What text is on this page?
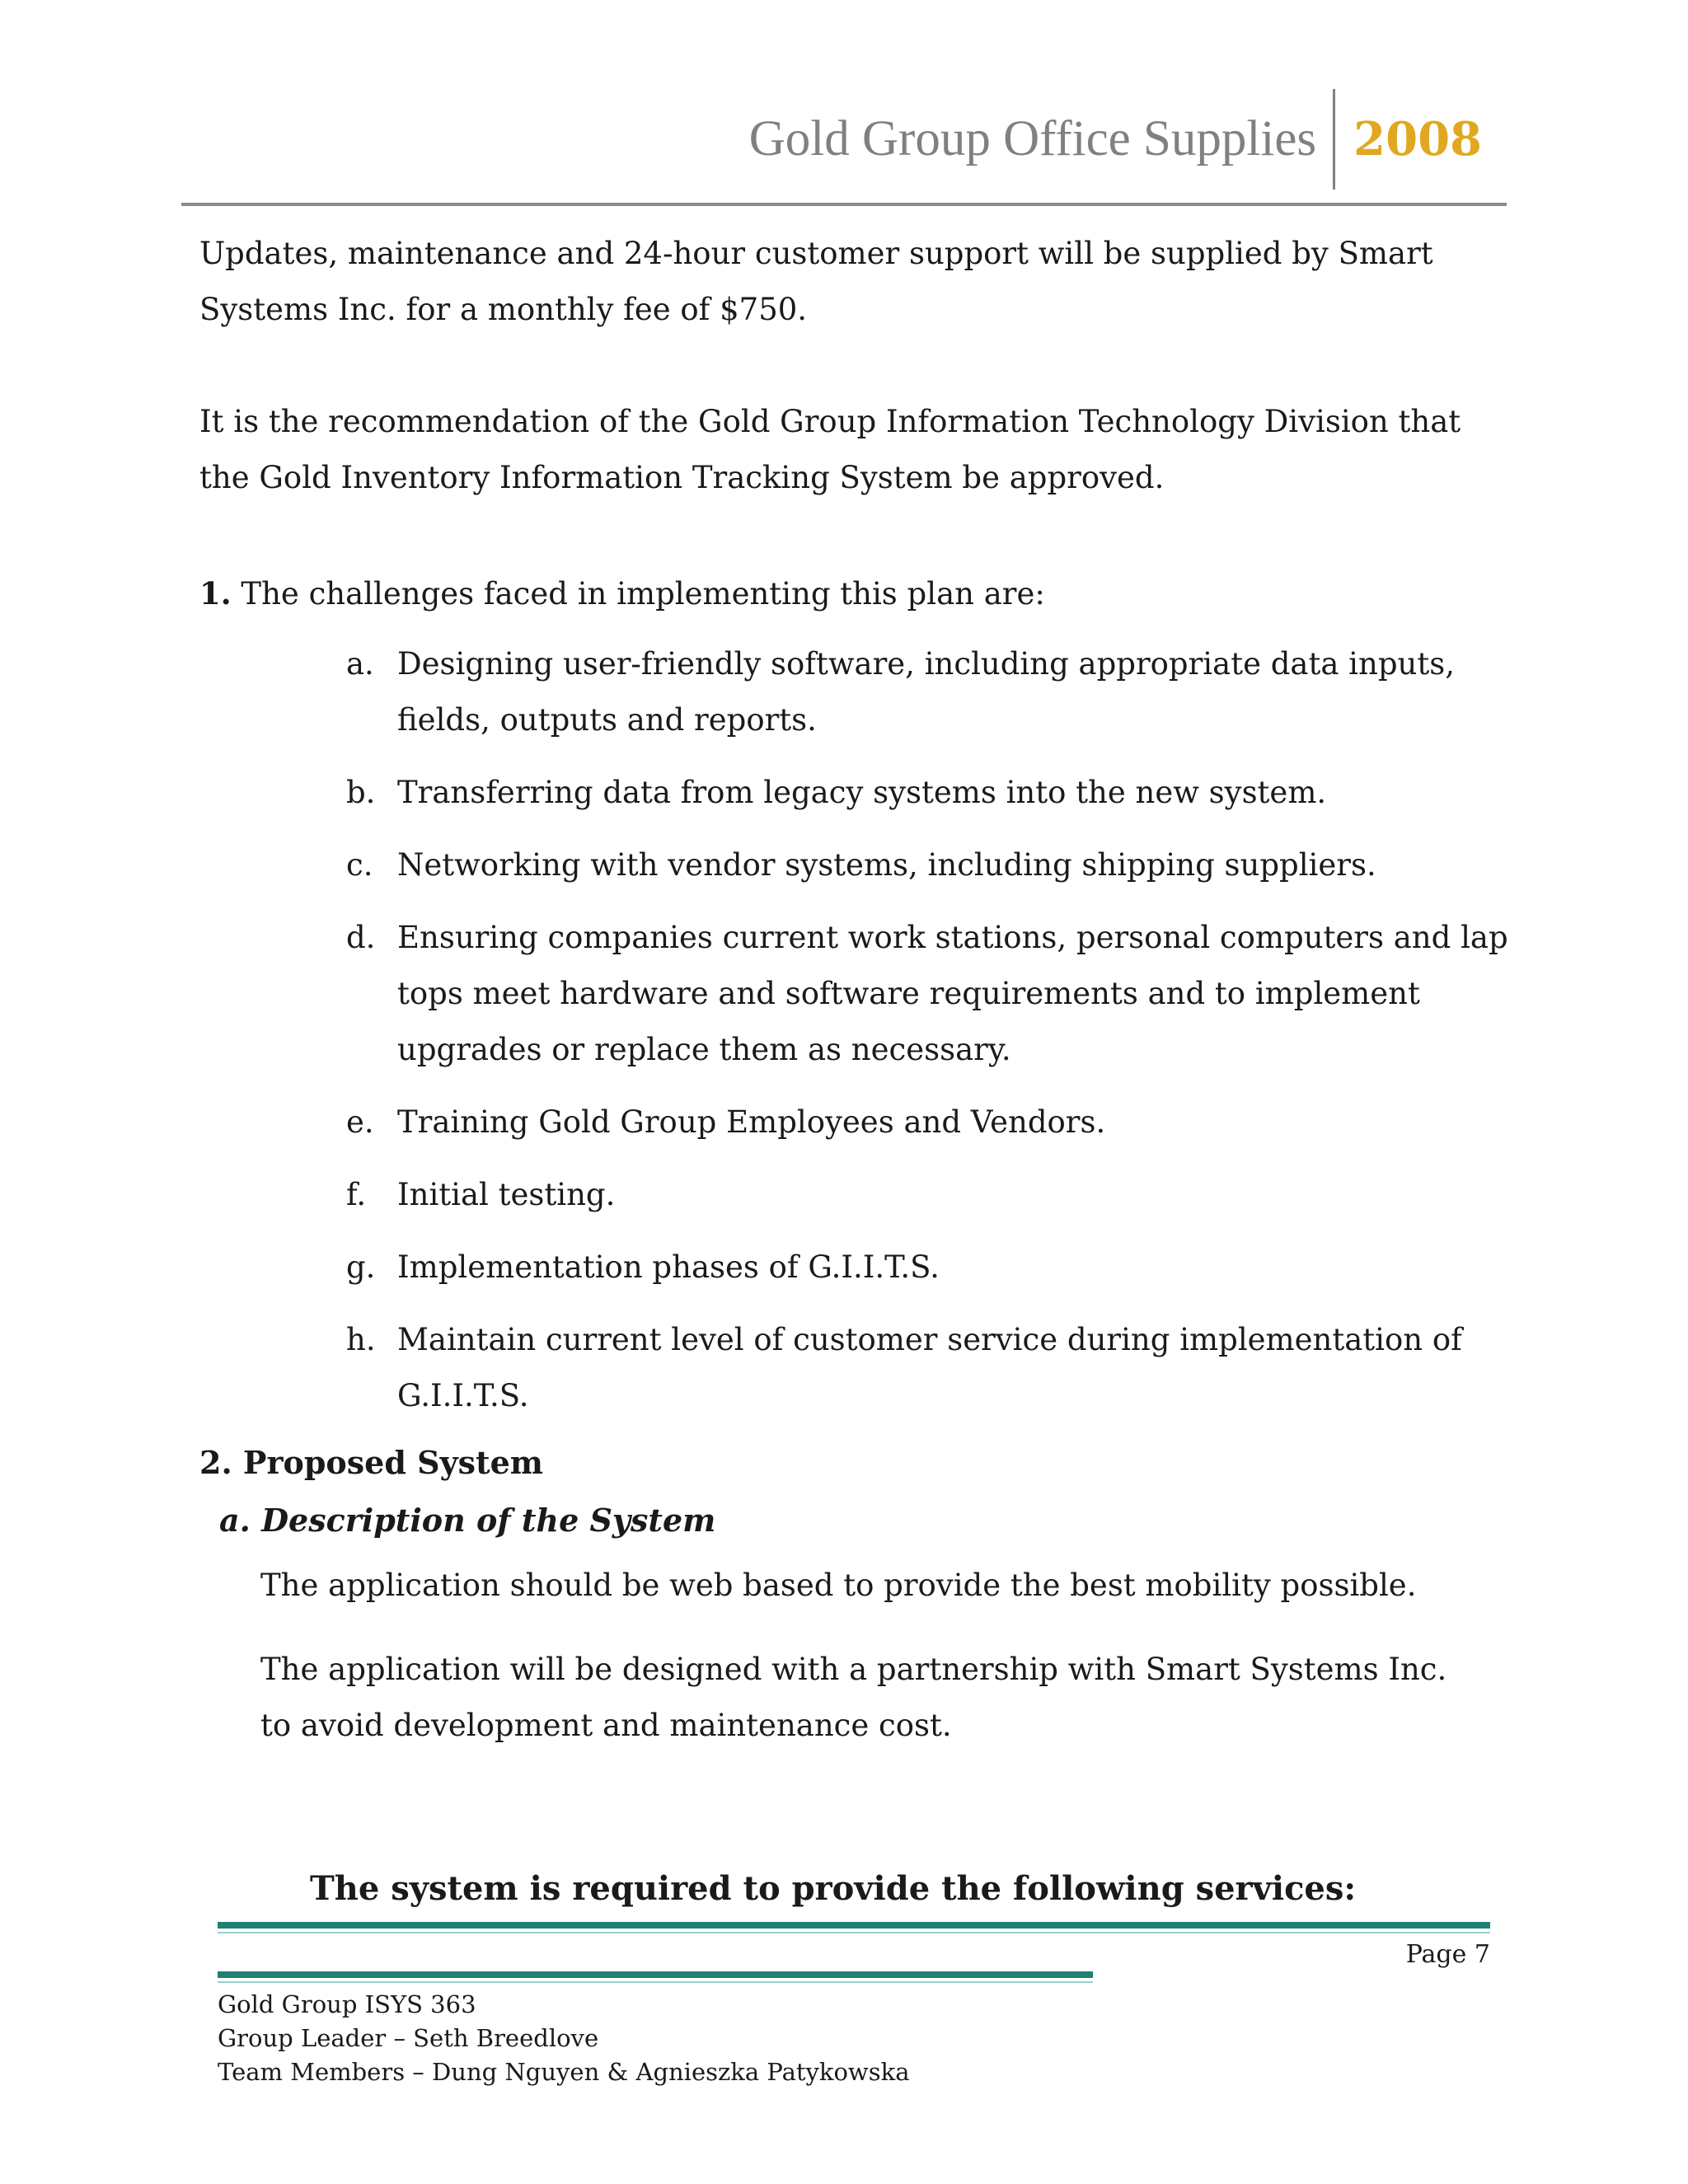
Gold Group Office Supplies 2008
Updates, maintenance and 24-hour customer support will be supplied by Smart Systems Inc. for a monthly fee of $750.
It is the recommendation of the Gold Group Information Technology Division that the Gold Inventory Information Tracking System be approved.
1. The challenges faced in implementing this plan are:
a. Designing user-friendly software, including appropriate data inputs, fields, outputs and reports.
b. Transferring data from legacy systems into the new system.
c. Networking with vendor systems, including shipping suppliers.
d. Ensuring companies current work stations, personal computers and lap tops meet hardware and software requirements and to implement upgrades or replace them as necessary.
e. Training Gold Group Employees and Vendors.
f.	Initial testing.
g. Implementation phases of G.I.I.T.S.
h. Maintain current level of customer service during implementation of G.I.I.T.S.
2. Proposed System
a. Description of the System
The application should be web based to provide the best mobility possible.
The application will be designed with a partnership with Smart Systems Inc. to avoid development and maintenance cost.
The system is required to provide the following services:
Page 7
Gold Group ISYS 363
Group Leader – Seth Breedlove
Team Members – Dung Nguyen & Agnieszka Patykowska
